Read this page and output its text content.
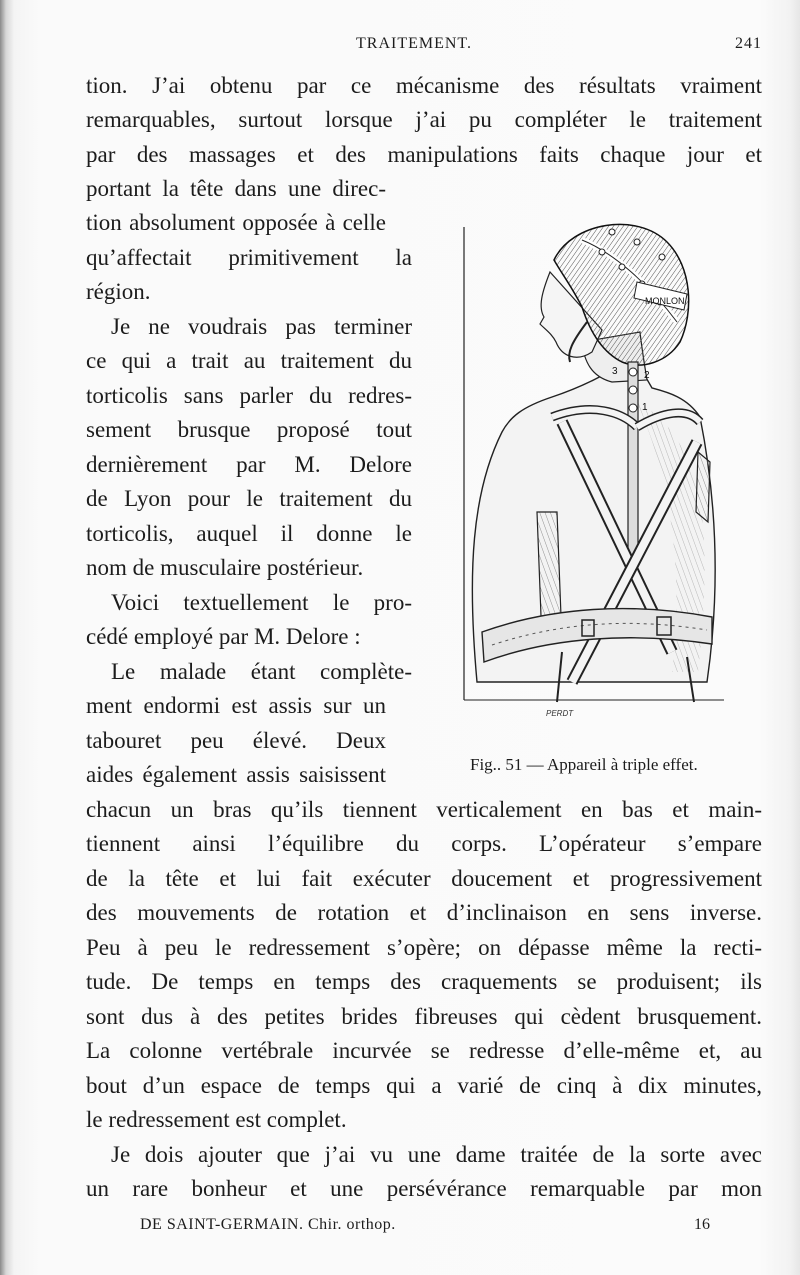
TRAITEMENT.	241
tion. J’ai obtenu par ce mécanisme des résultats vraiment
remarquables, surtout lorsque j’ai pu compléter le traitement
par des massages et des manipulations faits chaque jour et
portant la tête dans une direc-
tion absolument opposée à celle
qu’affectait primitivement la
région.
Je ne voudrais pas terminer
ce qui a trait au traitement du
torticolis sans parler du redres-
sement brusque proposé tout
dernièrement par M. Delore
de Lyon pour le traitement du
torticolis, auquel il donne le
nom de musculaire postérieur.
Voici textuellement le pro-
cédé employé par M. Delore :
Le malade étant complète-
ment endormi est assis sur un
tabouret peu élevé. Deux
aides également assis saisissent
chacun un bras qu’ils tiennent verticalement en bas et main-
tiennent ainsi l’équilibre du corps. L’opérateur s’empare
de la tête et lui fait exécuter doucement et progressivement
des mouvements de rotation et d’inclinaison en sens inverse.
Peu à peu le redressement s’opère; on dépasse même la recti-
tude. De temps en temps des craquements se produisent; ils
sont dus à des petites brides fibreuses qui cèdent brusquement.
La colonne vertébrale incurvée se redresse d’elle-même et, au
bout d’un espace de temps qui a varié de cinq à dix minutes,
le redressement est complet.
Je dois ajouter que j’ai vu une dame traitée de la sorte avec
un rare bonheur et une persévérance remarquable par mon
MONLON
3	2
1
PERDT
Fig.. 51 — Appareil à triple effet.
DE SAINT-GERMAIN. Chir. orthop.	16
